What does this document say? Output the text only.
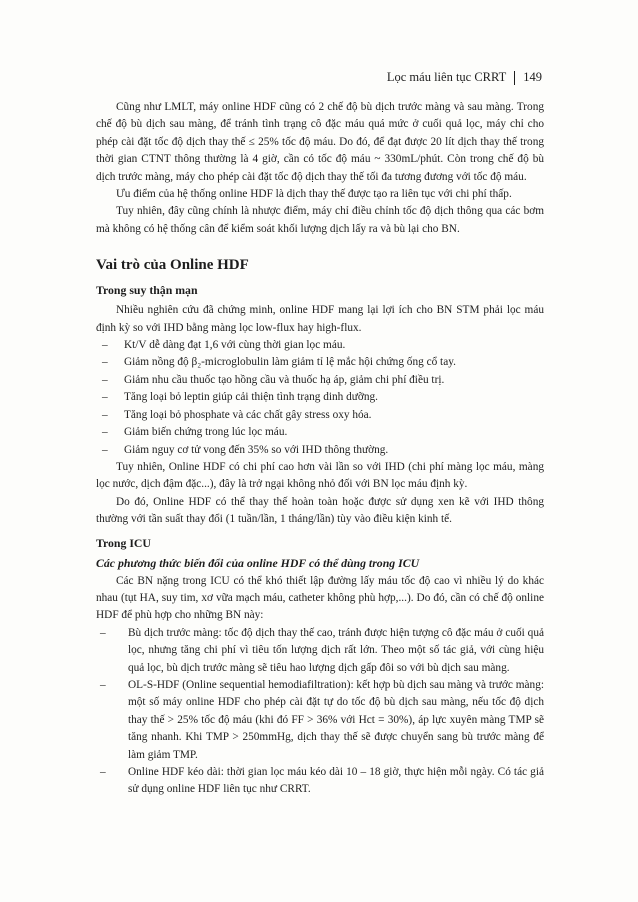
Lọc máu liên tục CRRT 149

Cũng như LMLT, máy online HDF cũng có 2 chế độ bù dịch trước màng và sau màng. Trong chế độ bù dịch sau màng, để tránh tình trạng cô đặc máu quá mức ở cuối quả lọc, máy chỉ cho phép cài đặt tốc độ dịch thay thế ≤ 25% tốc độ máu. Do đó, để đạt được 20 lít dịch thay thế trong thời gian CTNT thông thường là 4 giờ, cần có tốc độ máu ~ 330mL/phút. Còn trong chế độ bù dịch trước màng, máy cho phép cài đặt tốc độ dịch thay thế tối đa tương đương với tốc độ máu.

Ưu điểm của hệ thống online HDF là dịch thay thế được tạo ra liên tục với chi phí thấp.

Tuy nhiên, đây cũng chính là nhược điểm, máy chỉ điều chỉnh tốc độ dịch thông qua các bơm mà không có hệ thống cân để kiểm soát khối lượng dịch lấy ra và bù lại cho BN.

Vai trò của Online HDF
Trong suy thận mạn

Nhiều nghiên cứu đã chứng minh, online HDF mang lại lợi ích cho BN STM phải lọc máu định kỳ so với IHD bằng màng lọc low-flux hay high-flux.

– Kt/V dễ dàng đạt 1,6 với cùng thời gian lọc máu.
– Giảm nồng độ β₂-microglobulin làm giảm tỉ lệ mắc hội chứng ống cổ tay.
– Giảm nhu cầu thuốc tạo hồng cầu và thuốc hạ áp, giảm chi phí điều trị.
– Tăng loại bỏ leptin giúp cải thiện tình trạng dinh dưỡng.
– Tăng loại bỏ phosphate và các chất gây stress oxy hóa.
– Giảm biến chứng trong lúc lọc máu.
– Giảm nguy cơ tử vong đến 35% so với IHD thông thường.

Tuy nhiên, Online HDF có chi phí cao hơn vài lần so với IHD (chi phí màng lọc máu, màng lọc nước, dịch đậm đặc...), đây là trở ngại không nhỏ đối với BN lọc máu định kỳ.

Do đó, Online HDF có thể thay thế hoàn toàn hoặc được sử dụng xen kẽ với IHD thông thường với tần suất thay đổi (1 tuần/lần, 1 tháng/lần) tùy vào điều kiện kinh tế.

Trong ICU
Các phương thức biến đổi của online HDF có thể dùng trong ICU

Các BN nặng trong ICU có thể khó thiết lập đường lấy máu tốc độ cao vì nhiều lý do khác nhau (tụt HA, suy tim, xơ vữa mạch máu, catheter không phù hợp,...). Do đó, cần có chế độ online HDF để phù hợp cho những BN này:

– Bù dịch trước màng: tốc độ dịch thay thế cao, tránh được hiện tượng cô đặc máu ở cuối quả lọc, nhưng tăng chi phí vì tiêu tốn lượng dịch rất lớn. Theo một số tác giả, với cùng hiệu quả lọc, bù dịch trước màng sẽ tiêu hao lượng dịch gấp đôi so với bù dịch sau màng.
– OL-S-HDF (Online sequential hemodiafiltration): kết hợp bù dịch sau màng và trước màng: một số máy online HDF cho phép cài đặt tự do tốc độ bù dịch sau màng, nếu tốc độ dịch thay thế > 25% tốc độ máu (khi đó FF > 36% với Hct = 30%), áp lực xuyên màng TMP sẽ tăng nhanh. Khi TMP > 250mmHg, dịch thay thế sẽ được chuyển sang bù trước màng để làm giảm TMP.
– Online HDF kéo dài: thời gian lọc máu kéo dài 10 – 18 giờ, thực hiện mỗi ngày. Có tác giả sử dụng online HDF liên tục như CRRT.
